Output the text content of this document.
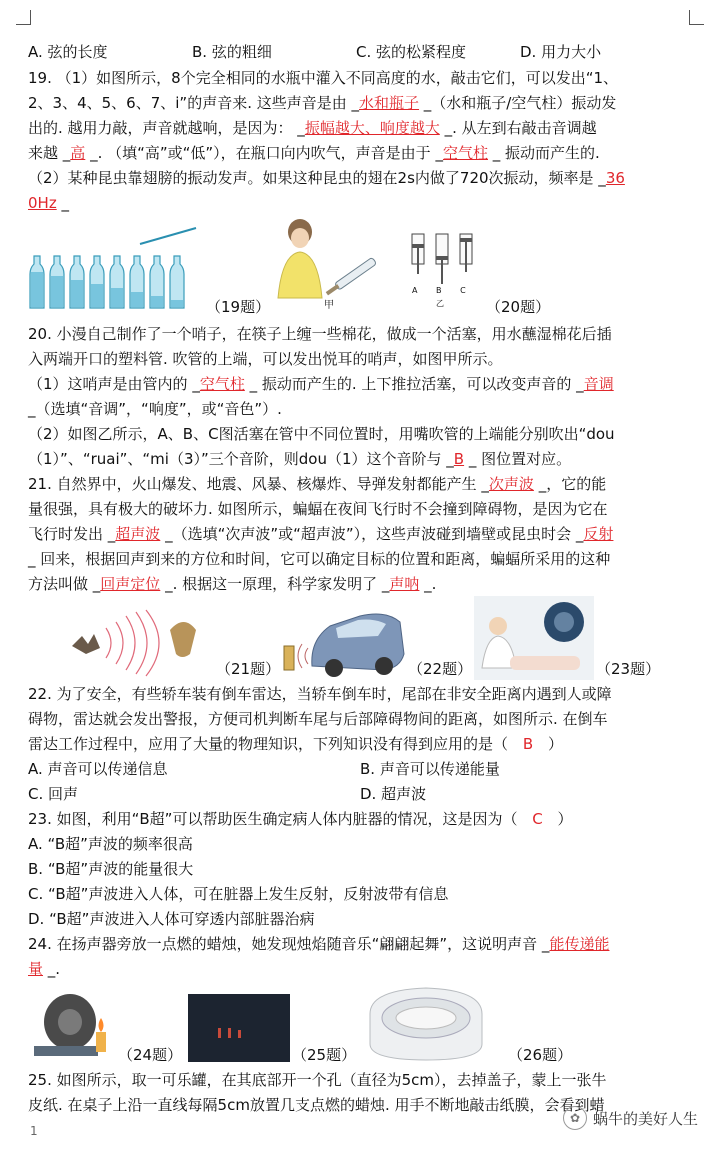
A. 弦的长度	B. 弦的粗细	C. 弦的松紧程度	D. 用力大小
19. （1）如图所示，8个完全相同的水瓶中灌入不同高度的水，敲击它们，可以发出“1、
2、3、4、5、6、7、i”的声音来. 这些声音是由 _水和瓶子 _（水和瓶子/空气柱）振动发
出的. 越用力敲，声音就越响，是因为： _振幅越大、响度越大 _. 从左到右敲击音调越
来越 _高 _. （填“高”或“低”），在瓶口向内吹气，声音是由于 _空气柱 _ 振动而产生的.
（2）某种昆虫靠翅膀的振动发声。如果这种昆虫的翅在2s内做了720次振动，频率是 _36
0Hz _
（19题）	甲
A B C
乙	（20题）
20. 小漫自己制作了一个哨子，在筷子上缠一些棉花，做成一个活塞，用水蘸湿棉花后插
入两端开口的塑料管. 吹管的上端，可以发出悦耳的哨声，如图甲所示。
（1）这哨声是由管内的 _空气柱 _ 振动而产生的. 上下推拉活塞，可以改变声音的 _音调
_（选填“音调”，“响度”，或“音色”）.
（2）如图乙所示，A、B、C图活塞在管中不同位置时，用嘴吹管的上端能分别吹出“dou
（1）”、“ruai”、“mi（3）”三个音阶，则dou（1）这个音阶与 _B _ 图位置对应。
21. 自然界中，火山爆发、地震、风暴、核爆炸、导弹发射都能产生 _次声波 _，它的能
量很强，具有极大的破坏力. 如图所示，蝙蝠在夜间飞行时不会撞到障碍物，是因为它在
飞行时发出 _超声波 _（选填“次声波”或“超声波”），这些声波碰到墙壁或昆虫时会 _反射
_ 回来，根据回声到来的方位和时间，它可以确定目标的位置和距离，蝙蝠所采用的这种
方法叫做 _回声定位 _. 根据这一原理，科学家发明了 _声呐 _.
（21题）	（22题）	（23题）
22. 为了安全，有些轿车装有倒车雷达，当轿车倒车时，尾部在非安全距离内遇到人或障
碍物，雷达就会发出警报，方便司机判断车尾与后部障碍物间的距离，如图所示. 在倒车
雷达工作过程中，应用了大量的物理知识，下列知识没有得到应用的是（ B ）
A. 声音可以传递信息	B. 声音可以传递能量
C. 回声	D. 超声波
23. 如图，利用“B超”可以帮助医生确定病人体内脏器的情况，这是因为（ C ）
A. “B超”声波的频率很高
B. “B超”声波的能量很大
C. “B超”声波进入人体，可在脏器上发生反射，反射波带有信息
D. “B超”声波进入人体可穿透内部脏器治病
24. 在扬声器旁放一点燃的蜡烛，她发现烛焰随音乐“翩翩起舞”，这说明声音 _能传递能
量 _.
（24题）	（25题）	（26题）
25. 如图所示，取一可乐罐，在其底部开一个孔（直径为5cm），去掉盖子，蒙上一张牛
皮纸. 在桌子上沿一直线每隔5cm放置几支点燃的蜡烛. 用手不断地敲击纸膜，会看到蜡
1
✿ 蜗牛的美好人生
